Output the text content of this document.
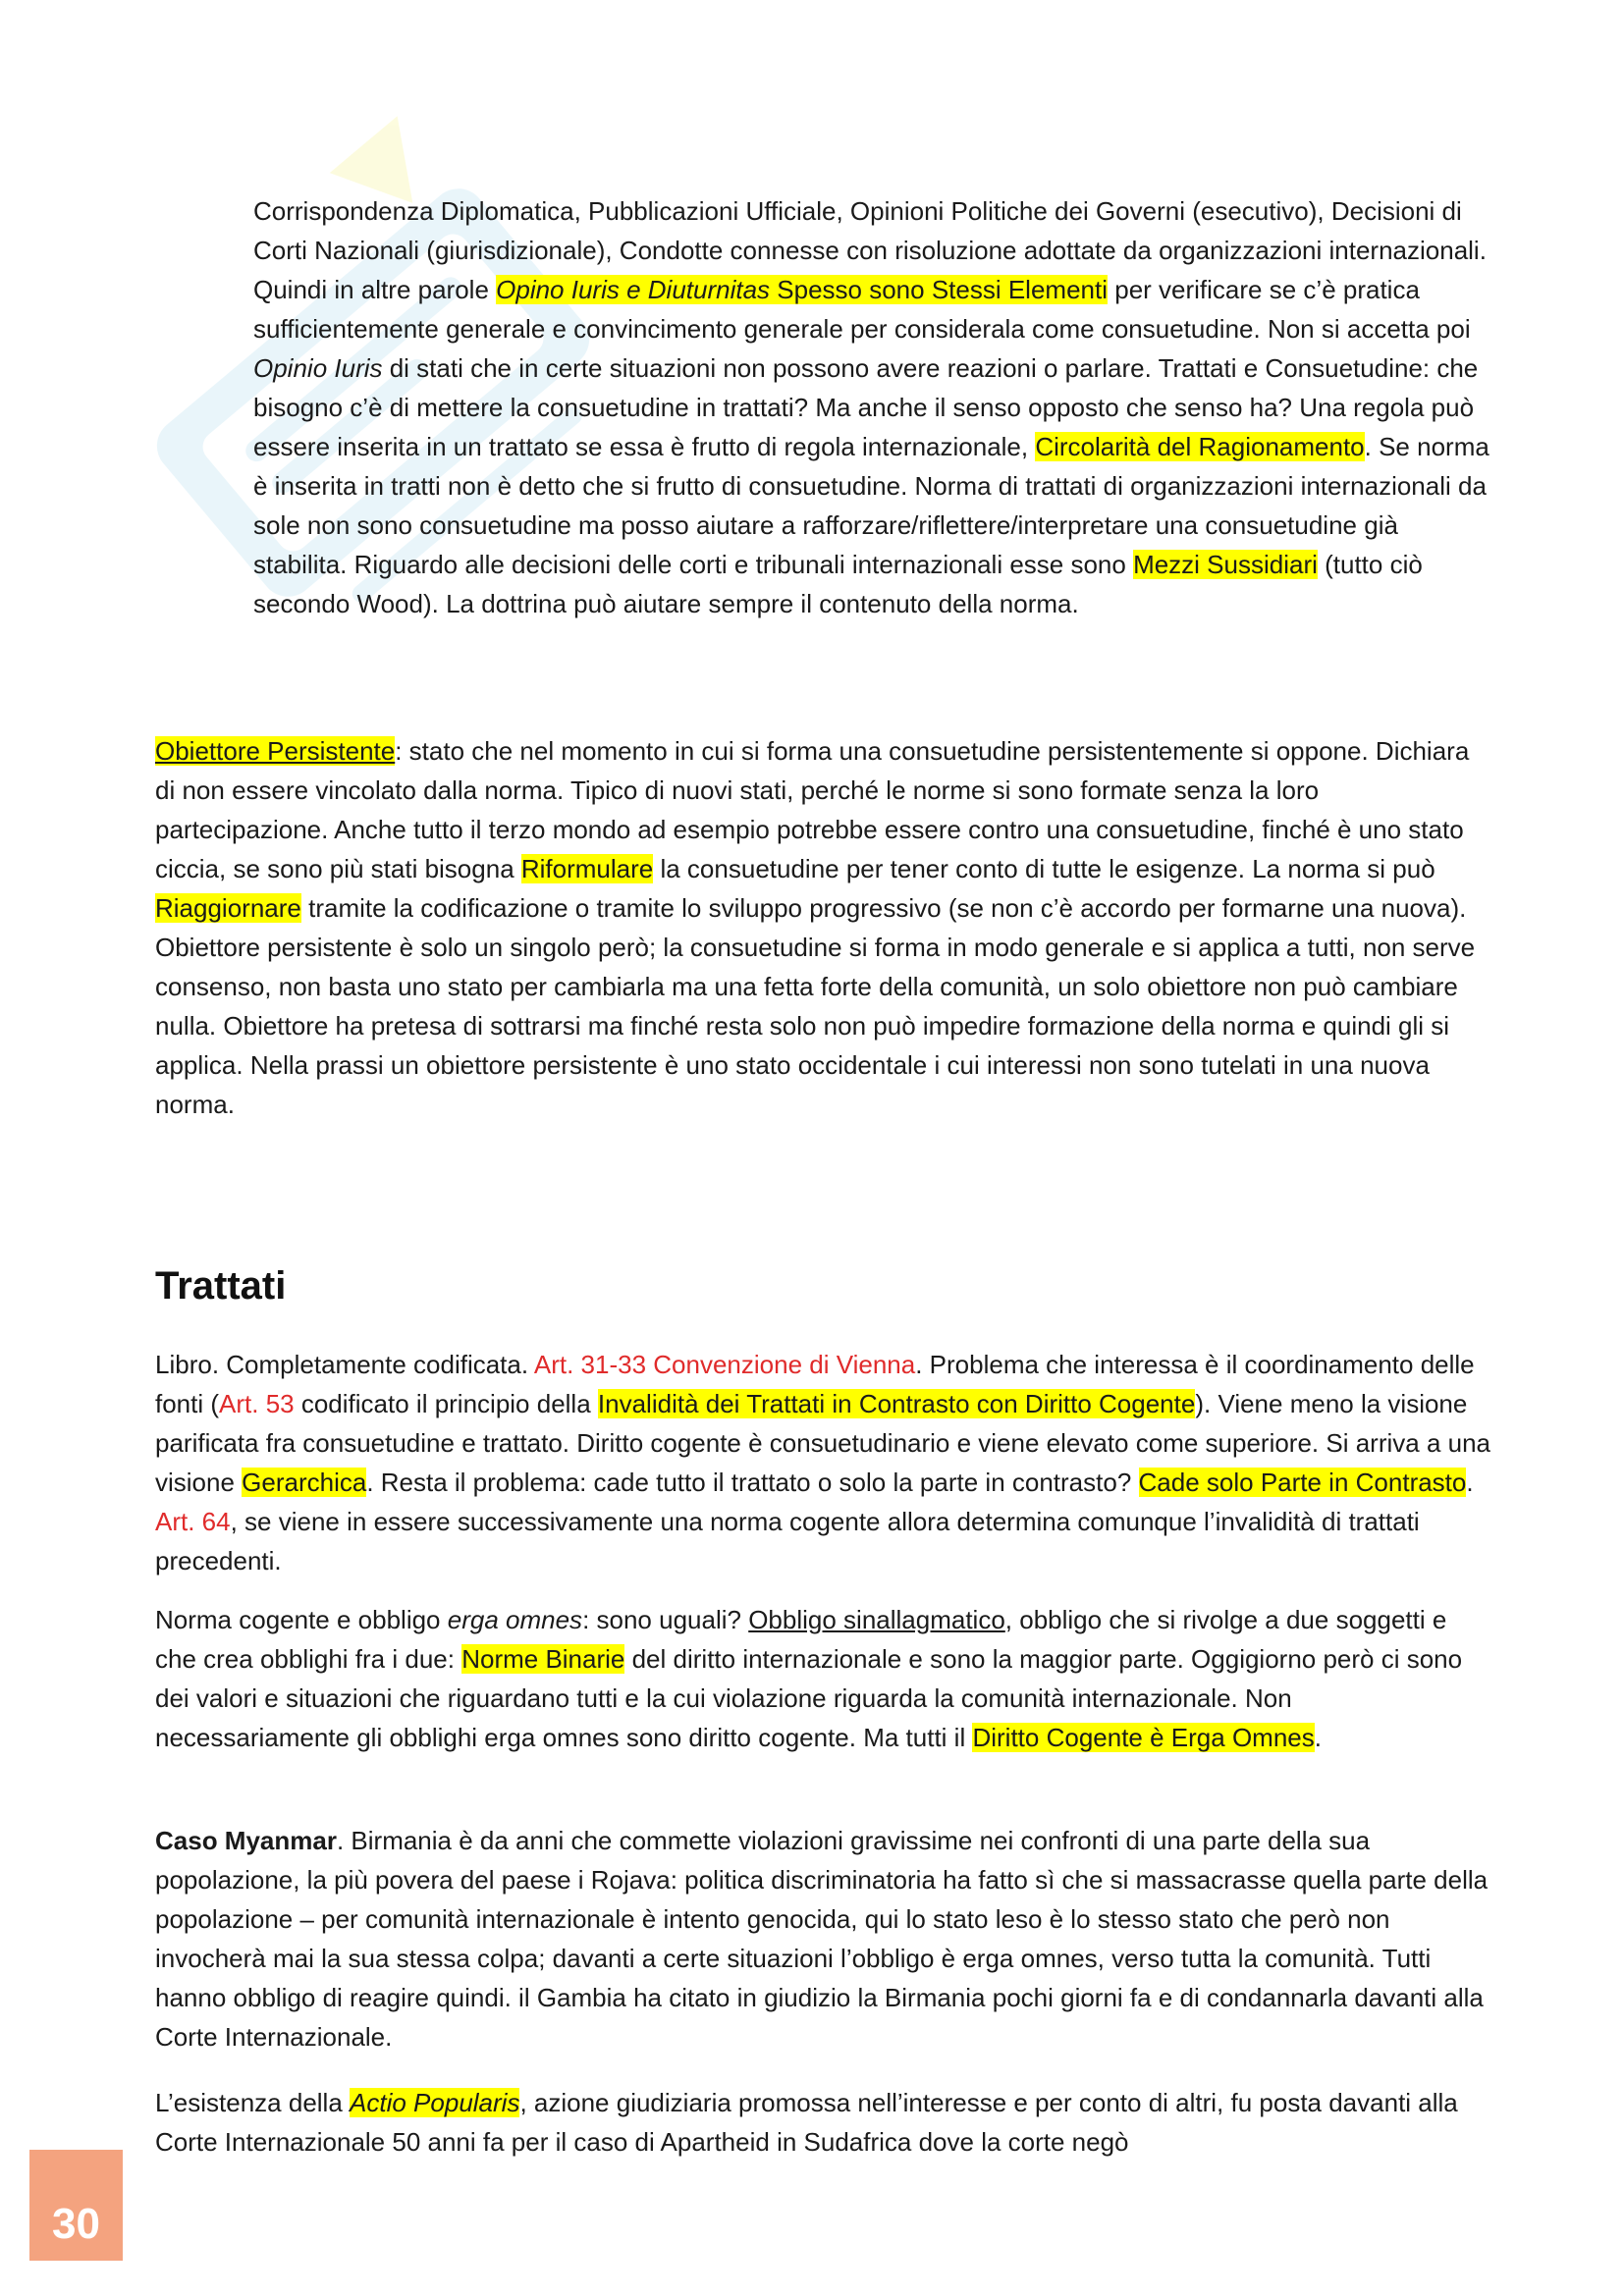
Corrispondenza Diplomatica, Pubblicazioni Ufficiale, Opinioni Politiche dei Governi (esecutivo), Decisioni di Corti Nazionali (giurisdizionale), Condotte connesse con risoluzione adottate da organizzazioni internazionali. Quindi in altre parole Opino Iuris e Diuturnitas Spesso sono Stessi Elementi per verificare se c’è pratica sufficientemente generale e convincimento generale per considerala come consuetudine. Non si accetta poi Opinio Iuris di stati che in certe situazioni non possono avere reazioni o parlare. Trattati e Consuetudine: che bisogno c’è di mettere la consuetudine in trattati? Ma anche il senso opposto che senso ha? Una regola può essere inserita in un trattato se essa è frutto di regola internazionale, Circolarità del Ragionamento. Se norma è inserita in tratti non è detto che si frutto di consuetudine. Norma di trattati di organizzazioni internazionali da sole non sono consuetudine ma posso aiutare a rafforzare/riflettere/interpretare una consuetudine già stabilita. Riguardo alle decisioni delle corti e tribunali internazionali esse sono Mezzi Sussidiari (tutto ciò secondo Wood). La dottrina può aiutare sempre il contenuto della norma.

Obiettore Persistente: stato che nel momento in cui si forma una consuetudine persistentemente si oppone. Dichiara di non essere vincolato dalla norma. Tipico di nuovi stati, perché le norme si sono formate senza la loro partecipazione. Anche tutto il terzo mondo ad esempio potrebbe essere contro una consuetudine, finché è uno stato ciccia, se sono più stati bisogna Riformulare la consuetudine per tener conto di tutte le esigenze. La norma si può Riaggiornare tramite la codificazione o tramite lo sviluppo progressivo (se non c’è accordo per formarne una nuova). Obiettore persistente è solo un singolo però; la consuetudine si forma in modo generale e si applica a tutti, non serve consenso, non basta uno stato per cambiarla ma una fetta forte della comunità, un solo obiettore non può cambiare nulla. Obiettore ha pretesa di sottrarsi ma finché resta solo non può impedire formazione della norma e quindi gli si applica. Nella prassi un obiettore persistente è uno stato occidentale i cui interessi non sono tutelati in una nuova norma.

Trattati

Libro. Completamente codificata. Art. 31-33 Convenzione di Vienna. Problema che interessa è il coordinamento delle fonti (Art. 53 codificato il principio della Invalidità dei Trattati in Contrasto con Diritto Cogente). Viene meno la visione parificata fra consuetudine e trattato. Diritto cogente è consuetudinario e viene elevato come superiore. Si arriva a una visione Gerarchica. Resta il problema: cade tutto il trattato o solo la parte in contrasto? Cade solo Parte in Contrasto. Art. 64, se viene in essere successivamente una norma cogente allora determina comunque l’invalidità di trattati precedenti.

Norma cogente e obbligo erga omnes: sono uguali? Obbligo sinallagmatico, obbligo che si rivolge a due soggetti e che crea obblighi fra i due: Norme Binarie del diritto internazionale e sono la maggior parte. Oggigiorno però ci sono dei valori e situazioni che riguardano tutti e la cui violazione riguarda la comunità internazionale. Non necessariamente gli obblighi erga omnes sono diritto cogente. Ma tutti il Diritto Cogente è Erga Omnes.

Caso Myanmar. Birmania è da anni che commette violazioni gravissime nei confronti di una parte della sua popolazione, la più povera del paese i Rojava: politica discriminatoria ha fatto sì che si massacrasse quella parte della popolazione – per comunità internazionale è intento genocida, qui lo stato leso è lo stesso stato che però non invocherà mai la sua stessa colpa; davanti a certe situazioni l’obbligo è erga omnes, verso tutta la comunità. Tutti hanno obbligo di reagire quindi. il Gambia ha citato in giudizio la Birmania pochi giorni fa e di condannarla davanti alla Corte Internazionale.

L’esistenza della Actio Popularis, azione giudiziaria promossa nell’interesse e per conto di altri, fu posta davanti alla Corte Internazionale 50 anni fa per il caso di Apartheid in Sudafrica dove la corte negò

30
